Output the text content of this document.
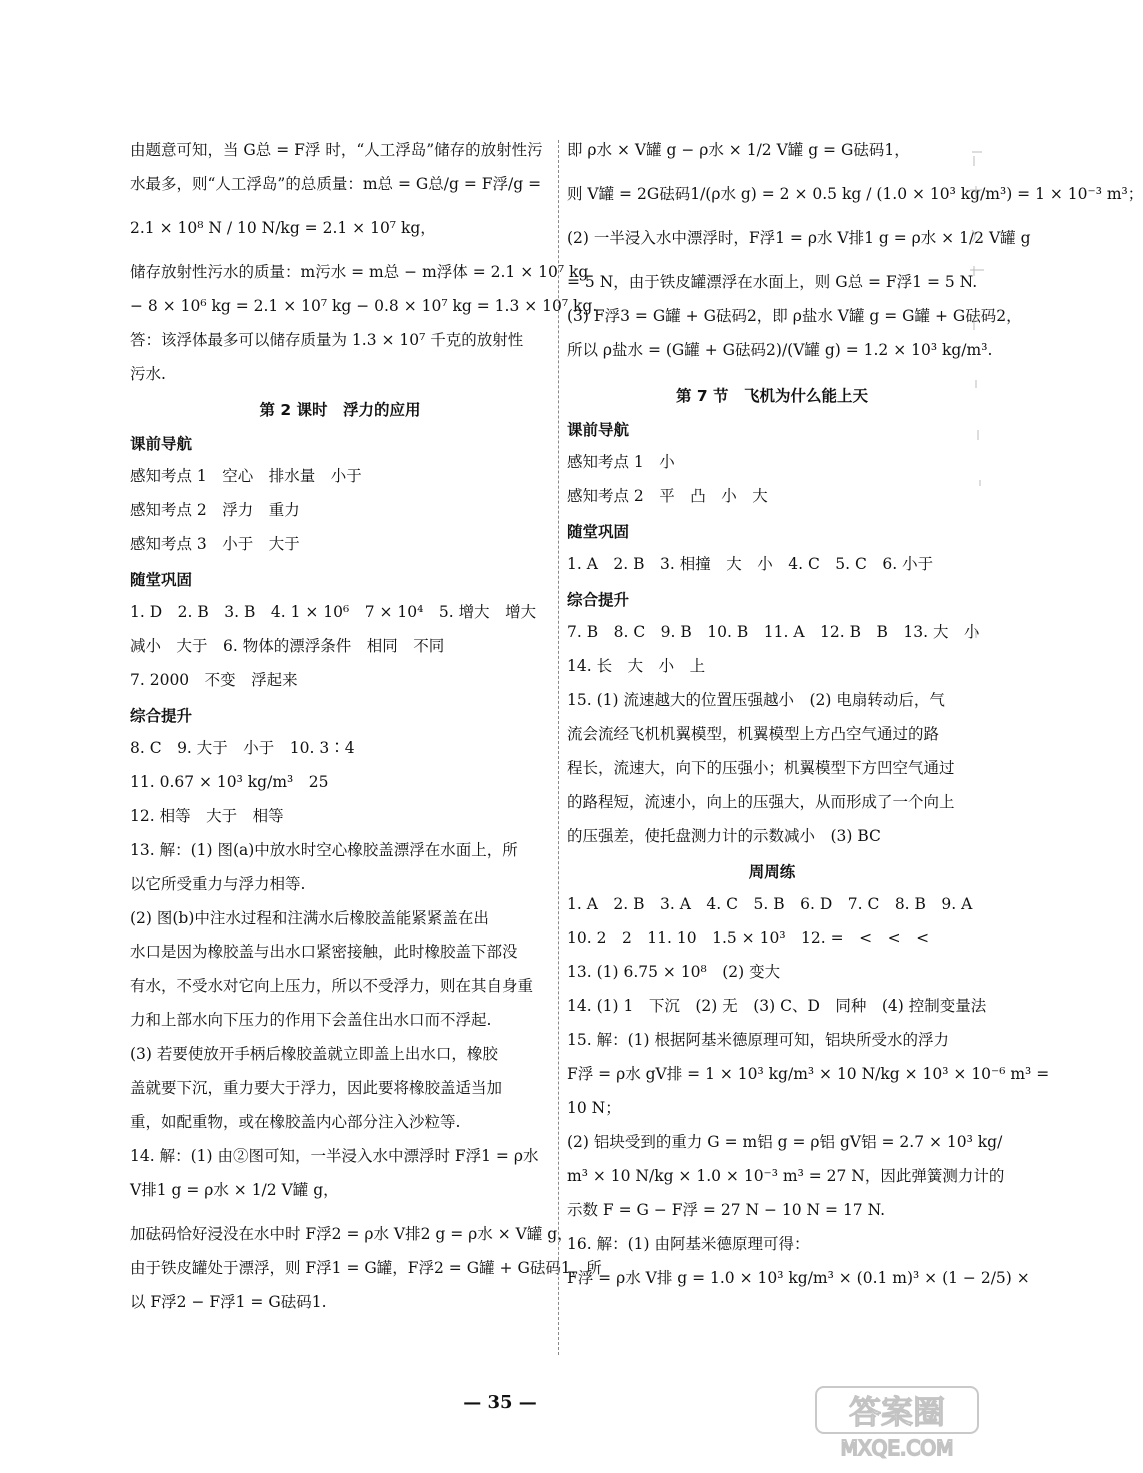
由题意可知，当 G总 = F浮 时，“人工浮岛”储存的放射性污
水最多，则“人工浮岛”的总质量：m总 = G总/g = F浮/g =
2.1 × 10⁸ N / 10 N/kg = 2.1 × 10⁷ kg，
储存放射性污水的质量：m污水 = m总 − m浮体 = 2.1 × 10⁷ kg
− 8 × 10⁶ kg = 2.1 × 10⁷ kg − 0.8 × 10⁷ kg = 1.3 × 10⁷ kg.
答：该浮体最多可以储存质量为 1.3 × 10⁷ 千克的放射性
污水.
第 2 课时　浮力的应用
课前导航
感知考点 1　空心　排水量　小于
感知考点 2　浮力　重力
感知考点 3　小于　大于
随堂巩固
1. D　2. B　3. B　4. 1 × 10⁶　7 × 10⁴　5. 增大　增大
减小　大于　6. 物体的漂浮条件　相同　不同
7. 2000　不变　浮起来
综合提升
8. C　9. 大于　小于　10. 3∶4
11. 0.67 × 10³ kg/m³　25
12. 相等　大于　相等
13. 解：(1) 图(a)中放水时空心橡胶盖漂浮在水面上，所
以它所受重力与浮力相等.
(2) 图(b)中注水过程和注满水后橡胶盖能紧紧盖在出
水口是因为橡胶盖与出水口紧密接触，此时橡胶盖下部没
有水，不受水对它向上压力，所以不受浮力，则在其自身重
力和上部水向下压力的作用下会盖住出水口而不浮起.
(3) 若要使放开手柄后橡胶盖就立即盖上出水口，橡胶
盖就要下沉，重力要大于浮力，因此要将橡胶盖适当加
重，如配重物，或在橡胶盖内心部分注入沙粒等.
14. 解：(1) 由②图可知，一半浸入水中漂浮时 F浮1 = ρ水
V排1 g = ρ水 × 1/2 V罐 g，
加砝码恰好浸没在水中时 F浮2 = ρ水 V排2 g = ρ水 × V罐 g，
由于铁皮罐处于漂浮，则 F浮1 = G罐，F浮2 = G罐 + G砝码1，所
以 F浮2 − F浮1 = G砝码1.
即 ρ水 × V罐 g − ρ水 × 1/2 V罐 g = G砝码1，
则 V罐 = 2G砝码1/(ρ水 g) = 2 × 0.5 kg / (1.0 × 10³ kg/m³) = 1 × 10⁻³ m³；
(2) 一半浸入水中漂浮时，F浮1 = ρ水 V排1 g = ρ水 × 1/2 V罐 g
= 5 N，由于铁皮罐漂浮在水面上，则 G总 = F浮1 = 5 N.
(3) F浮3 = G罐 + G砝码2，即 ρ盐水 V罐 g = G罐 + G砝码2，
所以 ρ盐水 = (G罐 + G砝码2)/(V罐 g) = 1.2 × 10³ kg/m³.
第 7 节　飞机为什么能上天
课前导航
感知考点 1　小
感知考点 2　平　凸　小　大
随堂巩固
1. A　2. B　3. 相撞　大　小　4. C　5. C　6. 小于
综合提升
7. B　8. C　9. B　10. B　11. A　12. B　B　13. 大　小
14. 长　大　小　上
15. (1) 流速越大的位置压强越小　(2) 电扇转动后，气
流会流经飞机机翼模型，机翼模型上方凸空气通过的路
程长，流速大，向下的压强小；机翼模型下方凹空气通过
的路程短，流速小，向上的压强大，从而形成了一个向上
的压强差，使托盘测力计的示数减小　(3) BC
周周练
1. A　2. B　3. A　4. C　5. B　6. D　7. C　8. B　9. A
10. 2　2　11. 10　1.5 × 10³　12. =　<　<　<
13. (1) 6.75 × 10⁸　(2) 变大
14. (1) 1　下沉　(2) 无　(3) C、D　同种　(4) 控制变量法
15. 解：(1) 根据阿基米德原理可知，铝块所受水的浮力
F浮 = ρ水 gV排 = 1 × 10³ kg/m³ × 10 N/kg × 10³ × 10⁻⁶ m³ =
10 N；
(2) 铝块受到的重力 G = m铝 g = ρ铝 gV铝 = 2.7 × 10³ kg/
m³ × 10 N/kg × 1.0 × 10⁻³ m³ = 27 N，因此弹簧测力计的
示数 F = G − F浮 = 27 N − 10 N = 17 N.
16. 解：(1) 由阿基米德原理可得：
F浮 = ρ水 V排 g = 1.0 × 10³ kg/m³ × (0.1 m)³ × (1 − 2/5) ×
— 35 —	答案圈
MXQE.COM
